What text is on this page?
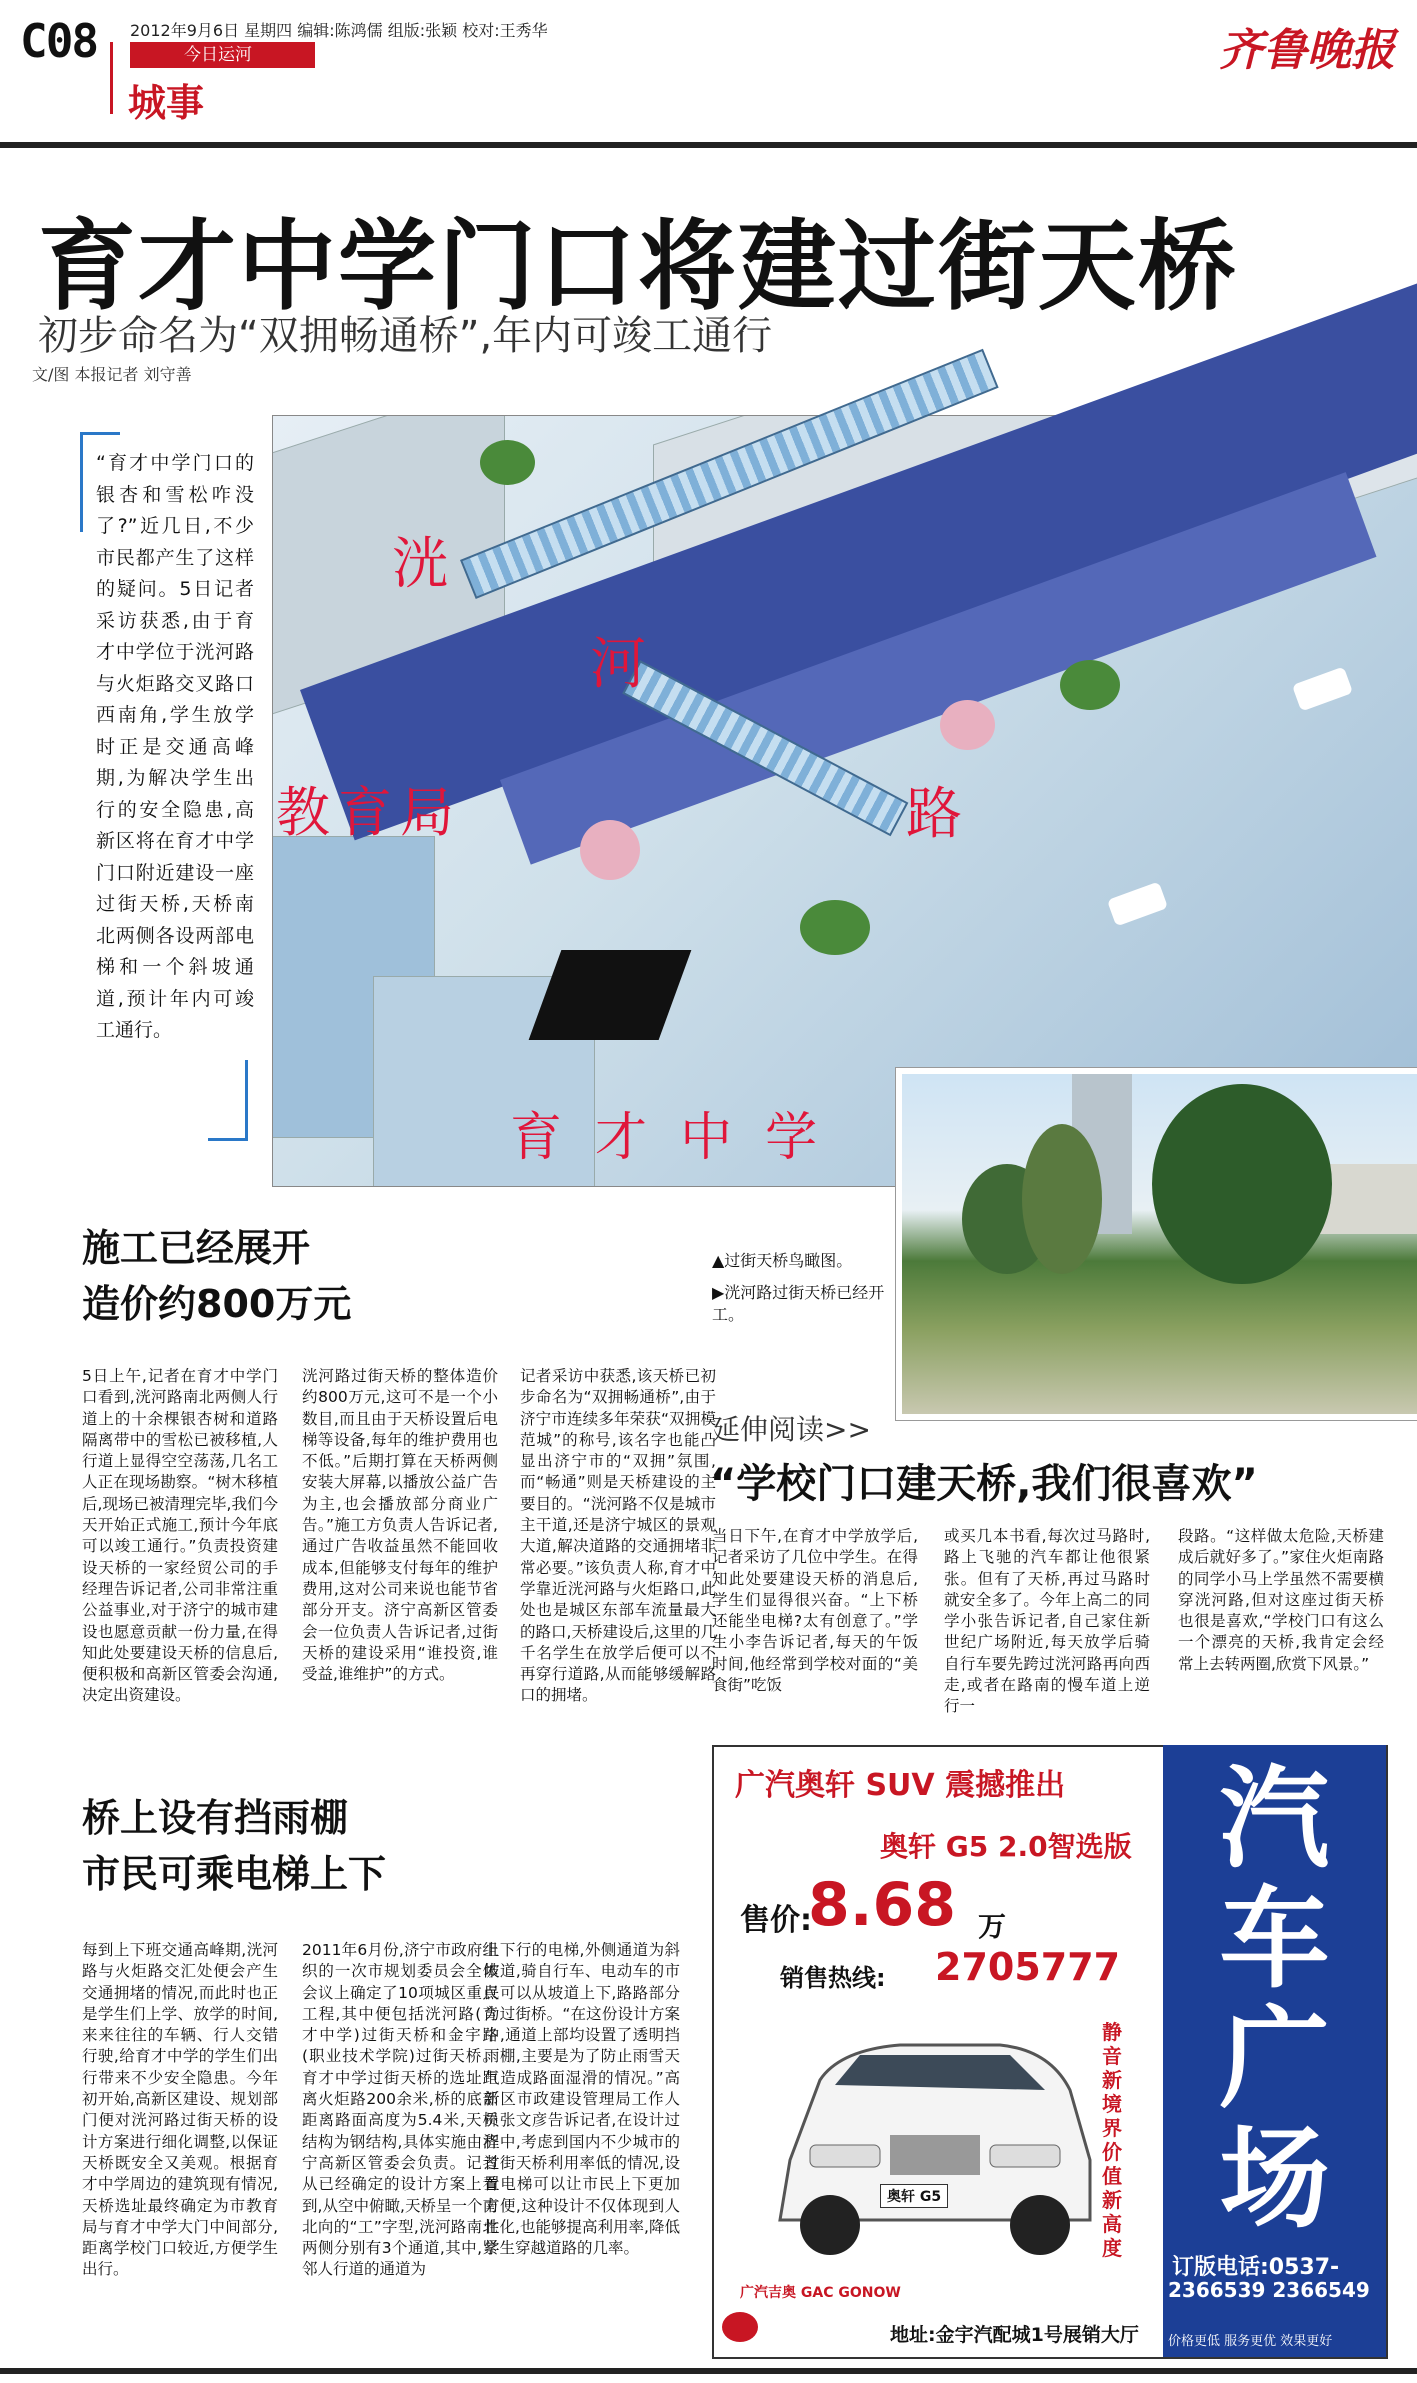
C08 2012年9月6日 星期四 编辑:陈鸿儒 组版:张颖 校对:王秀华
今日运河
城事
齐鲁晚报
育才中学门口将建过街天桥
初步命名为“双拥畅通桥”,年内可竣工通行
文/图 本报记者 刘守善
“育才中学门口的银杏和雪松咋没了?”近几日,不少市民都产生了这样的疑问。5日记者采访获悉,由于育才中学位于洸河路与火炬路交叉路口西南角,学生放学时正是交通高峰期,为解决学生出行的安全隐患,高新区将在育才中学门口附近建设一座过街天桥,天桥南北两侧各设两部电梯和一个斜坡通道,预计年内可竣工通行。
洸
河
路
教育局
育  才  中  学
▲过街天桥鸟瞰图。
▶洸河路过街天桥已经开工。
施工已经展开
造价约800万元
5日上午,记者在育才中学门口看到,洸河路南北两侧人行道上的十余棵银杏树和道路隔离带中的雪松已被移植,人行道上显得空空荡荡,几名工人正在现场勘察。“树木移植后,现场已被清理完毕,我们今天开始正式施工,预计今年底可以竣工通行。”负责投资建设天桥的一家经贸公司的手经理告诉记者,公司非常注重公益事业,对于济宁的城市建设也愿意贡献一份力量,在得知此处要建设天桥的信息后,便积极和高新区管委会沟通,决定出资建设。
洸河路过街天桥的整体造价约800万元,这可不是一个小数目,而且由于天桥设置后电梯等设备,每年的维护费用也不低。”后期打算在天桥两侧安装大屏幕,以播放公益广告为主,也会播放部分商业广告。”施工方负责人告诉记者,通过广告收益虽然不能回收成本,但能够支付每年的维护费用,这对公司来说也能节省部分开支。济宁高新区管委会一位负责人告诉记者,过街天桥的建设采用“谁投资,谁受益,谁维护”的方式。
记者采访中获悉,该天桥已初步命名为“双拥畅通桥”,由于济宁市连续多年荣获“双拥模范城”的称号,该名字也能凸显出济宁市的“双拥”氛围,而“畅通”则是天桥建设的主要目的。“洸河路不仅是城市主干道,还是济宁城区的景观大道,解决道路的交通拥堵非常必要。”该负责人称,育才中学靠近洸河路与火炬路口,此处也是城区东部车流量最大的路口,天桥建设后,这里的几千名学生在放学后便可以不再穿行道路,从而能够缓解路口的拥堵。
桥上设有挡雨棚
市民可乘电梯上下
每到上下班交通高峰期,洸河路与火炬路交汇处便会产生交通拥堵的情况,而此时也正是学生们上学、放学的时间,来来往往的车辆、行人交错行驶,给育才中学的学生们出行带来不少安全隐患。今年初开始,高新区建设、规划部门便对洸河路过街天桥的设计方案进行细化调整,以保证天桥既安全又美观。根据育才中学周边的建筑现有情况,天桥选址最终确定为市教育局与育才中学大门中间部分,距离学校门口较近,方便学生出行。
2011年6月份,济宁市政府组织的一次市规划委员会全体会议上确定了10项城区重点工程,其中便包括洸河路(育才中学)过街天桥和金宇路(职业技术学院)过街天桥。育才中学过街天桥的选址距离火炬路200余米,桥的底部距离路面高度为5.4米,天桥结构为钢结构,具体实施由济宁高新区管委会负责。记者从已经确定的设计方案上看到,从空中俯瞰,天桥呈一个南北向的“工”字型,洸河路南北两侧分别有3个通道,其中,紧邻人行道的通道为
上下行的电梯,外侧通道为斜坡道,骑自行车、电动车的市民可以从坡道上下,路路部分为过街桥。“在这份设计方案中,通道上部均设置了透明挡雨棚,主要是为了防止雨雪天气造成路面湿滑的情况。”高新区市政建设管理局工作人员张文彦告诉记者,在设计过程中,考虑到国内不少城市的过街天桥利用率低的情况,设置电梯可以让市民上下更加方便,这种设计不仅体现到人性化,也能够提高利用率,降低学生穿越道路的几率。
延伸阅读>>
“学校门口建天桥,我们很喜欢”
当日下午,在育才中学放学后,记者采访了几位中学生。在得知此处要建设天桥的消息后,学生们显得很兴奋。“上下桥还能坐电梯?太有创意了。”学生小李告诉记者,每天的午饭时间,他经常到学校对面的“美食街”吃饭
或买几本书看,每次过马路时,路上飞驰的汽车都让他很紧张。但有了天桥,再过马路时就安全多了。今年上高二的同学小张告诉记者,自己家住新世纪广场附近,每天放学后骑自行车要先跨过洸河路再向西走,或者在路南的慢车道上逆行一
段路。“这样做太危险,天桥建成后就好多了。”家住火炬南路的同学小马上学虽然不需要横穿洸河路,但对这座过街天桥也很是喜欢,“学校门口有这么一个漂亮的天桥,我肯定会经常上去转两圈,欣赏下风景。”
广汽奥轩 SUV 震撼推出
奥轩 G5 2.0智选版
售价:
8.68 万
销售热线: 2705777
奥轩 G5
静音新境界 价值新高度
广汽吉奥 GAC GONOW
地址:金宇汽配城1号展销大厅
汽
车
广
场
订版电话:0537-
2366539 2366549
价格更低 服务更优 效果更好
